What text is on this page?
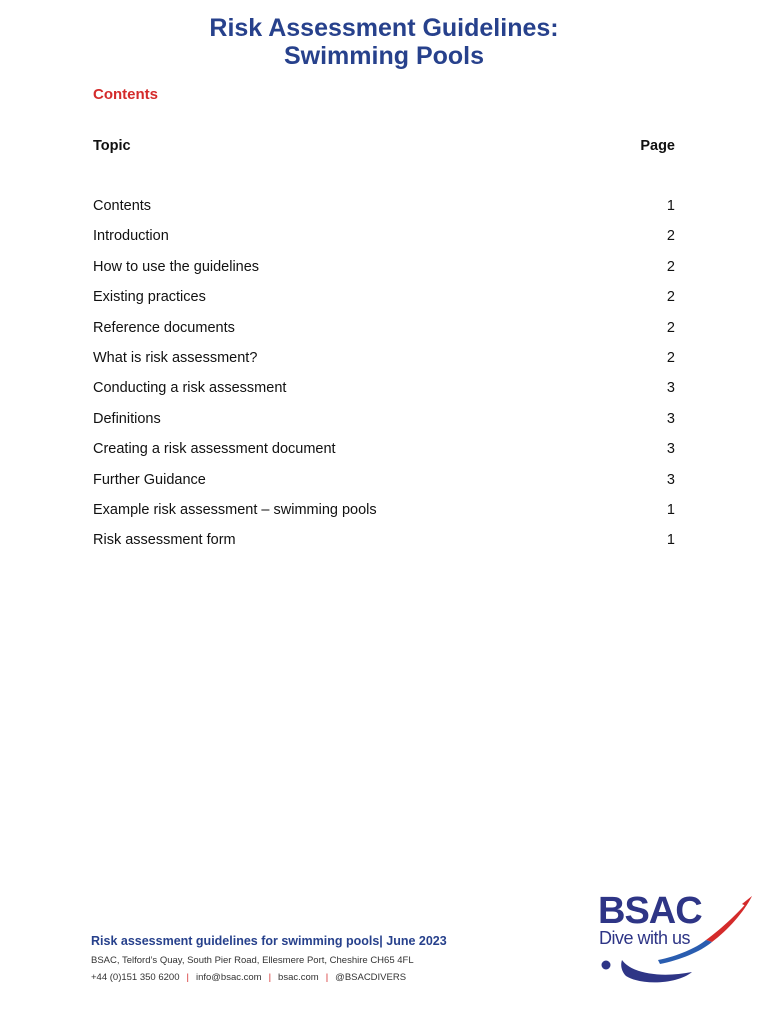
Risk Assessment Guidelines:
Swimming Pools
Contents
Topic	Page
Contents	1
Introduction	2
How to use the guidelines	2
Existing practices	2
Reference documents	2
What is risk assessment?	2
Conducting a risk assessment	3
Definitions	3
Creating a risk assessment document	3
Further Guidance	3
Example risk assessment – swimming pools	1
Risk assessment form	1
Risk assessment guidelines for swimming pools| June 2023
BSAC, Telford’s Quay, South Pier Road, Ellesmere Port, Cheshire CH65 4FL
+44 (0)151 350 6200 | info@bsac.com | bsac.com | @BSACDIVERS
BSAC
Dive with us
